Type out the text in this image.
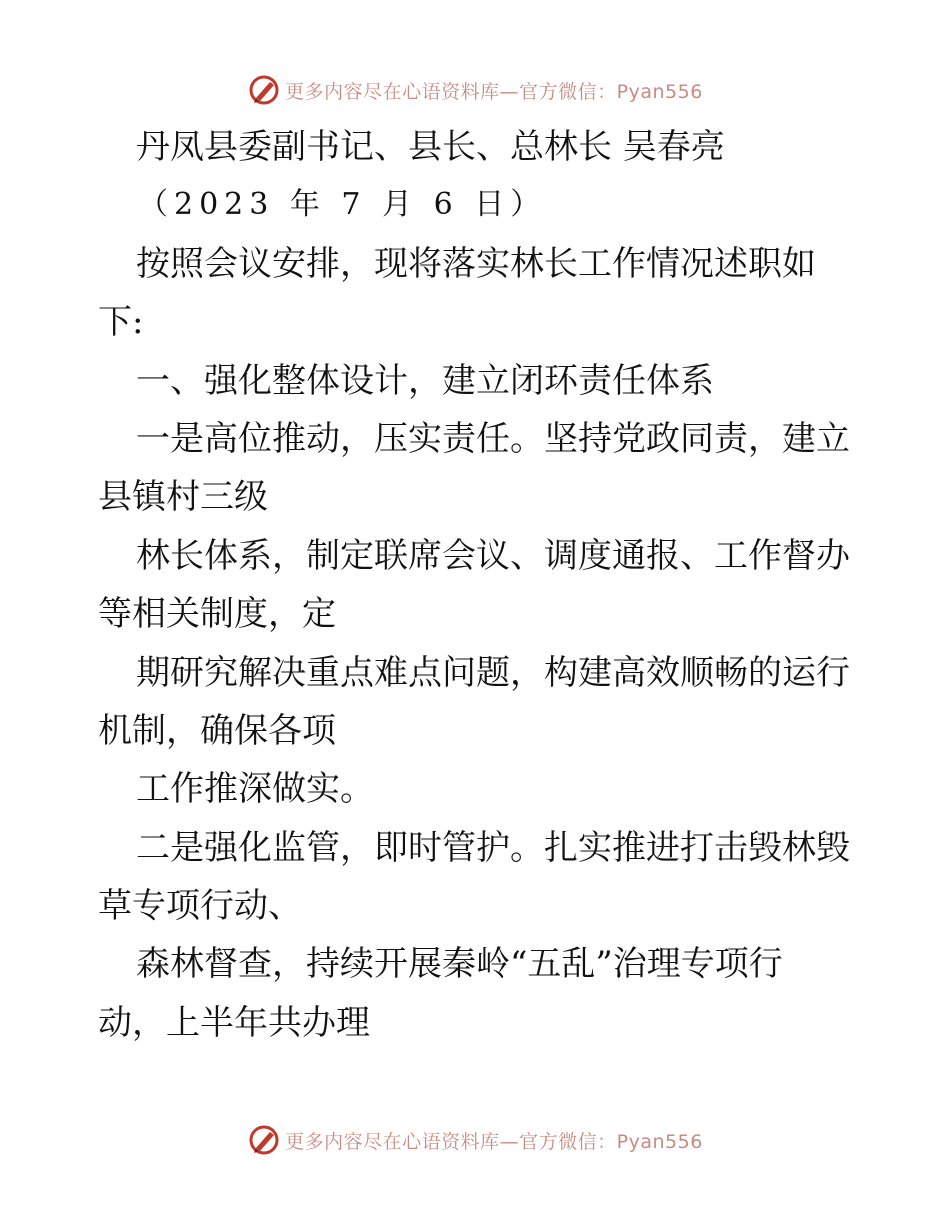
更多内容尽在心语资料库—官方微信：Pyan556
丹凤县委副书记、县长、总林长 吴春亮
（2023 年 7 月 6 日）
按照会议安排，现将落实林长工作情况述职如
下:
一、强化整体设计，建立闭环责任体系
一是高位推动，压实责任。坚持党政同责，建立
县镇村三级
林长体系，制定联席会议、调度通报、工作督办
等相关制度，定
期研究解决重点难点问题，构建高效顺畅的运行
机制，确保各项
工作推深做实。
二是强化监管，即时管护。扎实推进打击毁林毁
草专项行动、
森林督查，持续开展秦岭“五乱”治理专项行
动，上半年共办理
更多内容尽在心语资料库—官方微信：Pyan556
